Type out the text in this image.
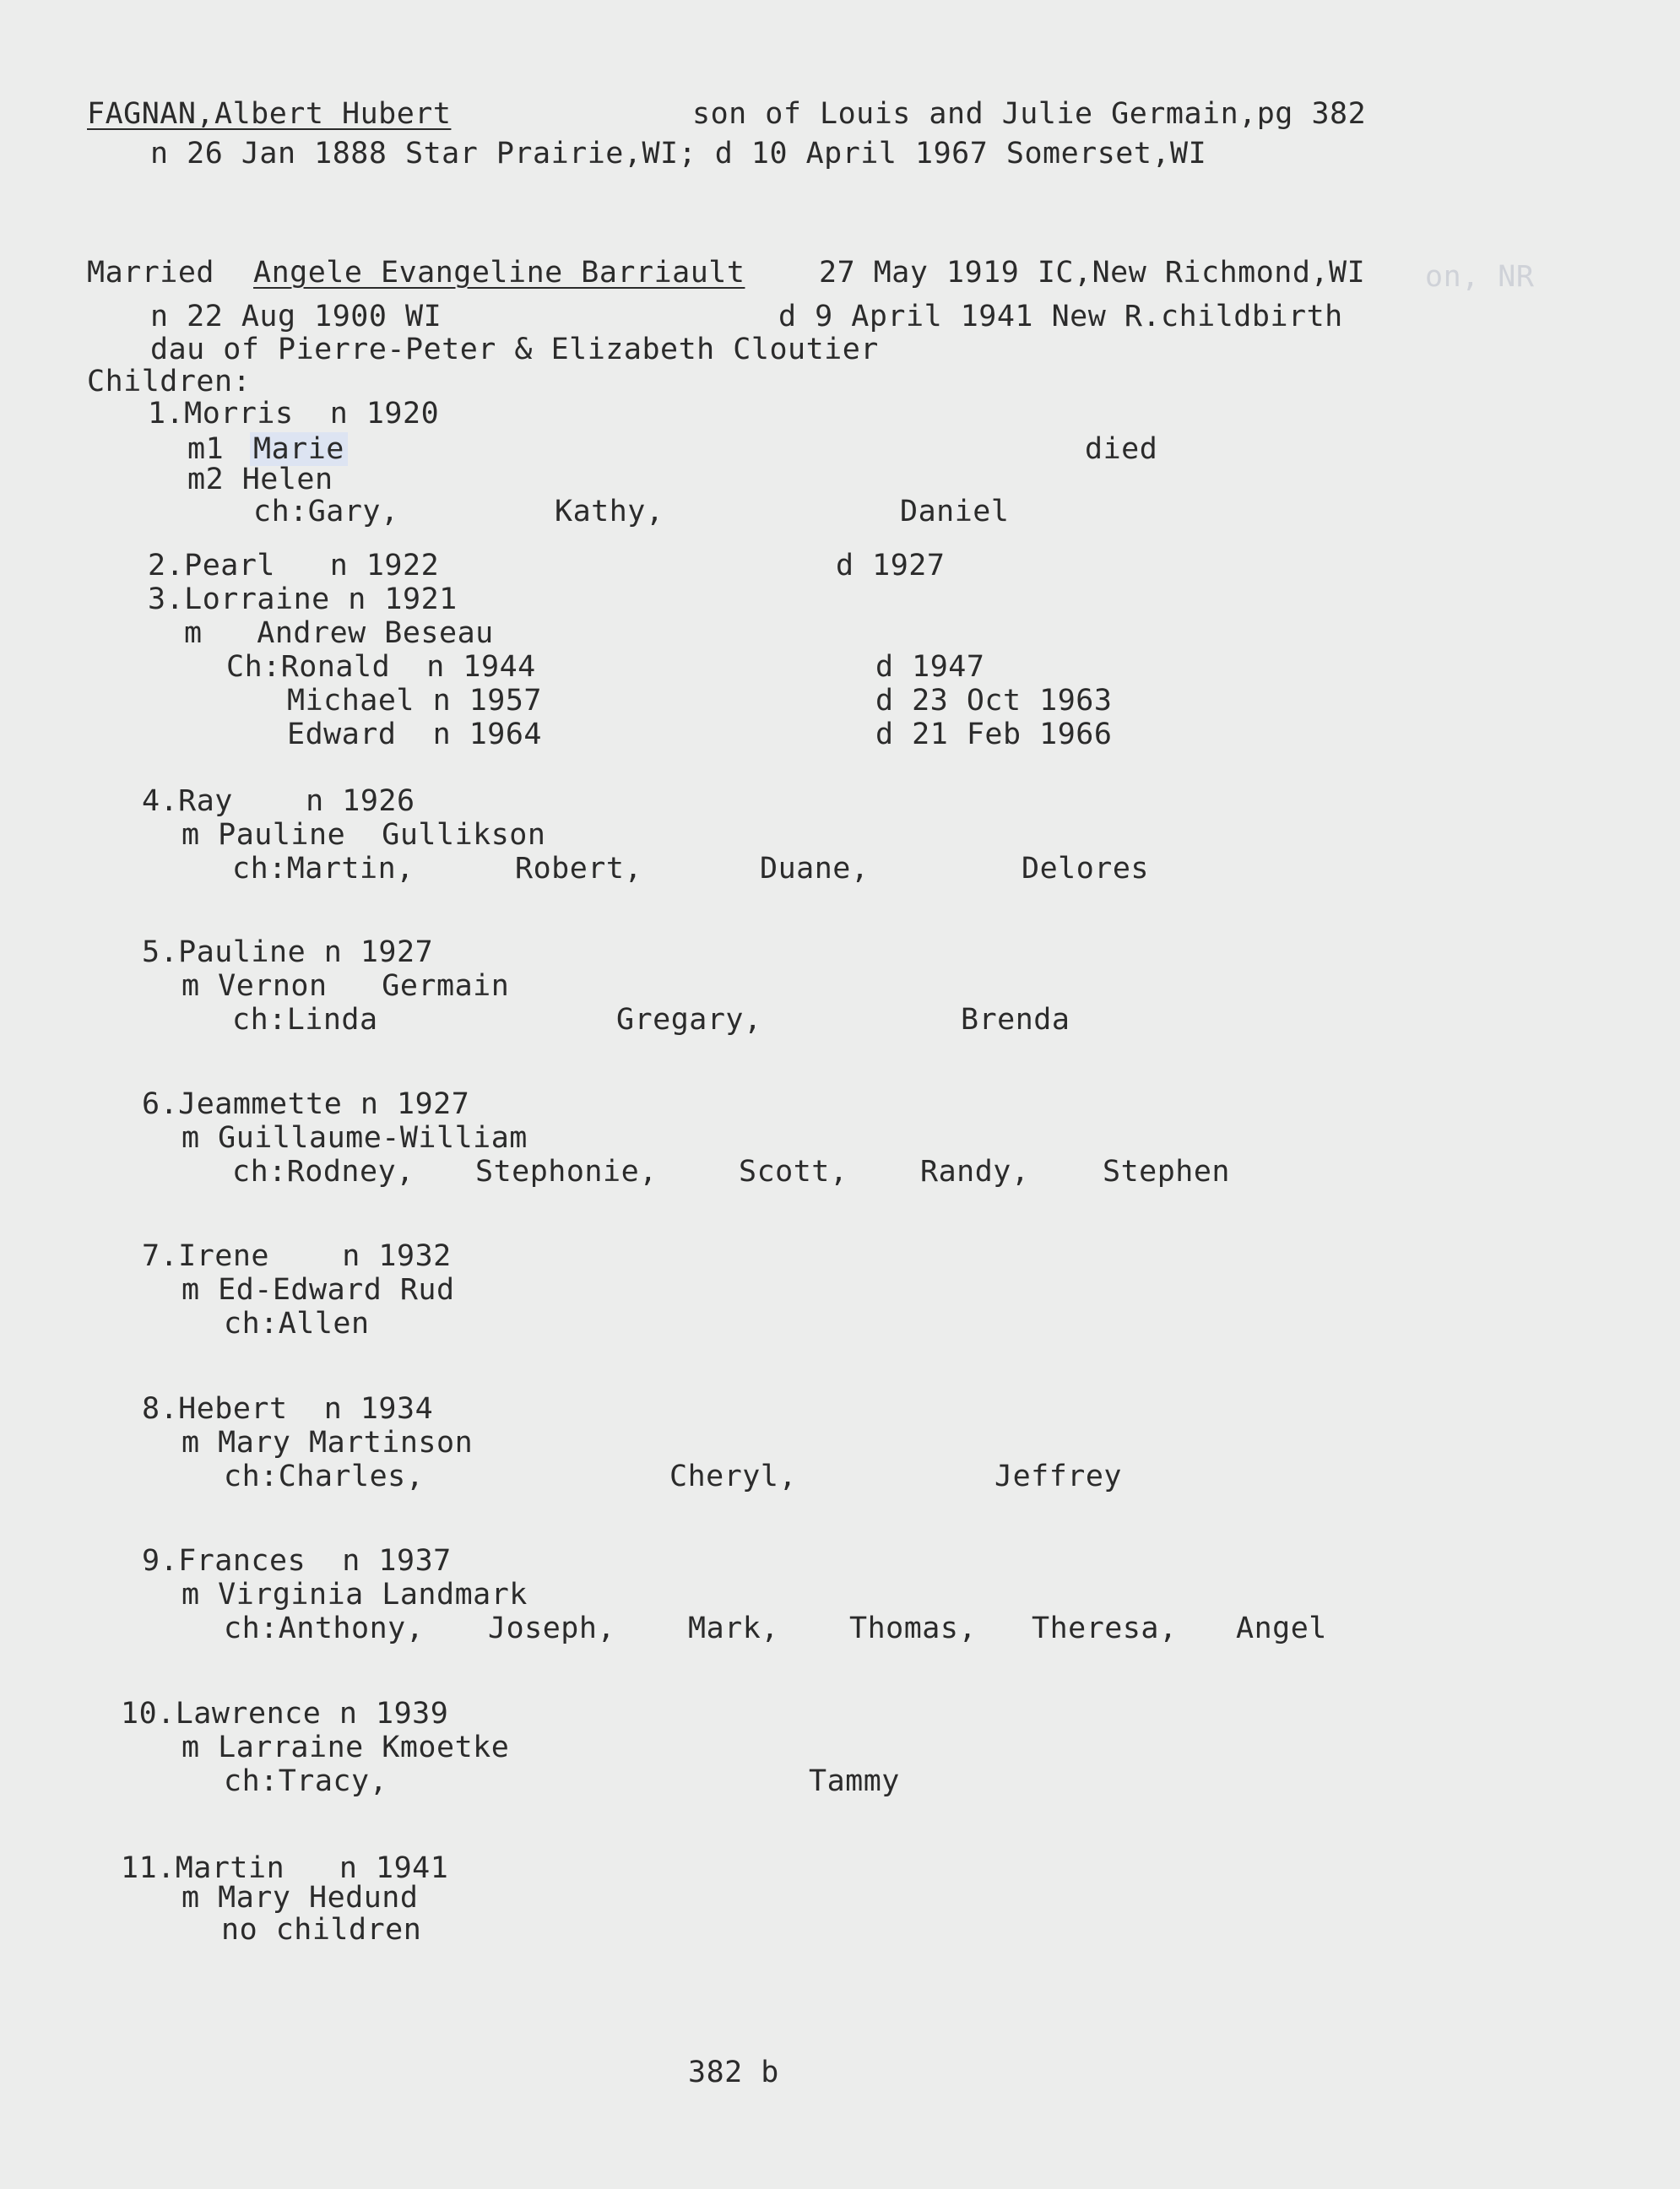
FAGNAN,Albert Hubert	son of Louis and Julie Germain,pg 382
n 26 Jan 1888 Star Prairie,WI; d 10 April 1967 Somerset,WI
Married Angele Evangeline Barriault	27 May 1919 IC,New Richmond,WI on, NR
n 22 Aug 1900 WI	d 9 April 1941 New R.childbirth
dau of Pierre-Peter & Elizabeth Cloutier
Children:
1.Morris  n 1920
m1 Marie	died
m2 Helen
ch:Gary,	Kathy,	Daniel
2.Pearl   n 1922	d 1927
3.Lorraine n 1921
m   Andrew Beseau
Ch:Ronald  n 1944	d 1947
Michael n 1957	d 23 Oct 1963
Edward  n 1964	d 21 Feb 1966
4.Ray    n 1926
m Pauline  Gullikson
ch:Martin,	Robert,	Duane,	Delores
5.Pauline n 1927
m Vernon   Germain
ch:Linda	Gregary,	Brenda
6.Jeammette n 1927
m Guillaume-William
ch:Rodney, Stephonie,	Scott, Randy, Stephen
7.Irene    n 1932
m Ed-Edward Rud
ch:Allen
8.Hebert  n 1934
m Mary Martinson
ch:Charles,	Cheryl,	Jeffrey
9.Frances  n 1937
m Virginia Landmark
ch:Anthony, Joseph, Mark, Thomas, Theresa, Angel
10.Lawrence n 1939
m Larraine Kmoetke
ch:Tracy,	Tammy
11.Martin   n 1941
m Mary Hedund
no children
382 b
